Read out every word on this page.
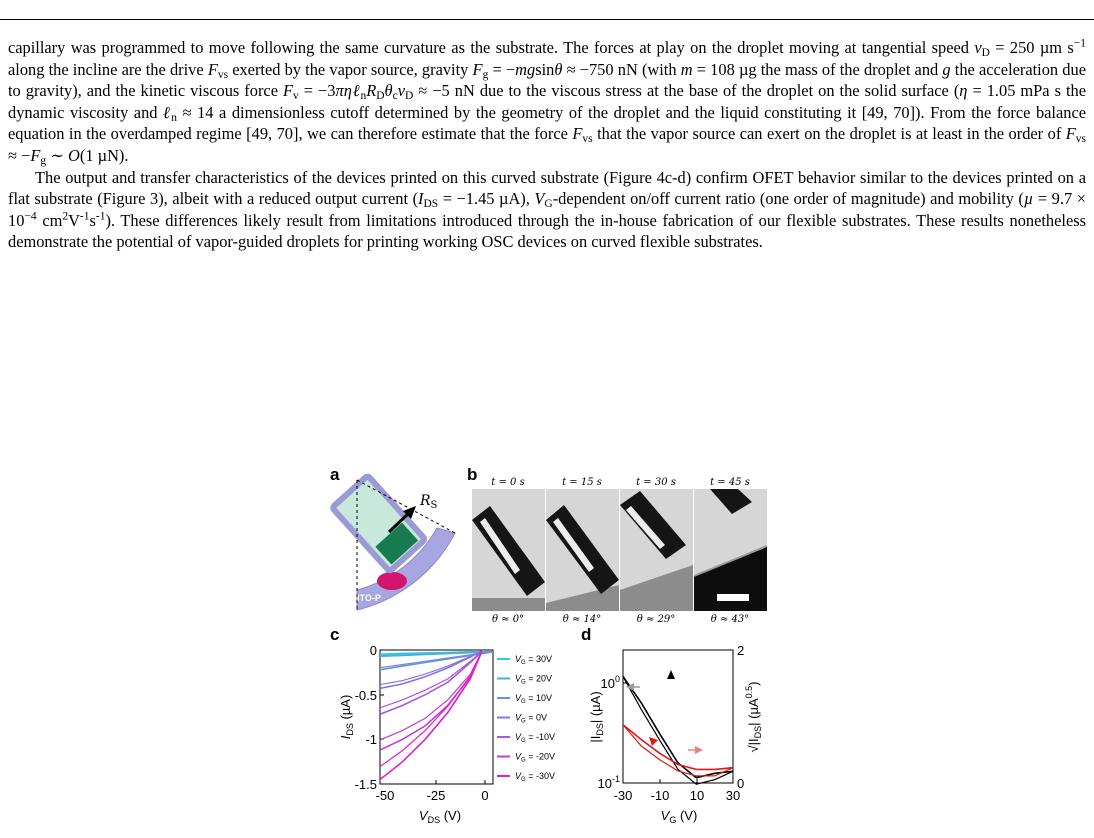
capillary was programmed to move following the same curvature as the substrate. The forces at play on the droplet moving at tangential speed $v_D = 250$ µm $s^{-1}$ along the incline are the drive $F_{vs}$ exerted by the vapor source, gravity $F_g = -mgsin\theta \approx -750$ nN (with m = 108 µg the mass of the droplet and g the acceleration due to gravity), and the kinetic viscous force $F_v$ = $-3\pi\eta\ell_nR_D\theta_cv_D \approx -5$ nN due to the viscous stress at the base of the droplet on the solid surface (η = 1.05 mPa s the dynamic viscosity and ℓ$_n$ ≈ 14 a dimensionless cutoff determined by the geometry of the droplet and the liquid constituting it [49, 70]). From the force balance equation in the overdamped regime [49, 70], we can therefore estimate that the force $F_{vs}$ that the vapor source can exert on the droplet is at least in the order of $F_{vs} \approx -F_g$ ∼ O(1 µN).

The output and transfer characteristics of the devices printed on this curved substrate (Figure 4c-d) confirm OFET behavior similar to the devices printed on a flat substrate (Figure 3), albeit with a reduced output current ($I_{DS} = -1.45$ µA), $V_G$-dependent on/off current ratio (one order of magnitude) and mobility ($\mu = 9.7 \times 10^{-4}$ $cm^2V^{-1}s^{-1}$). These differences likely result from limitations introduced through the in-house fabrication of our flexible substrates. These results nonetheless demonstrate the potential of vapor-guided droplets for printing working OSC devices on curved flexible substrates.

a
$R_S$
PET-ITO-P
b t = 0 s	t = 15 s	t = 30 s	t = 45 s
θ ≈ 0°	θ ≈ 14°	θ ≈ 29°	θ ≈ 43°
c
0
-0.5
-1
-1.5
-50 -25	0
$V_{DS}$ (V)
$I_{DS}$ (µA)
$V_G = 30V$
$V_G = 20V$
$V_G = 10V$
$V_G = 0V$
$V_G = -10V$
$V_G = -20V$
$V_G = -30V$
d
$10^0$
$10^{-1}$
2
0
-30 -10 10 30
$V_G$ (V)
$|I_{DS}|$ (µA)
$√|I_{DS}|$ (µA$^{0.5}$)
